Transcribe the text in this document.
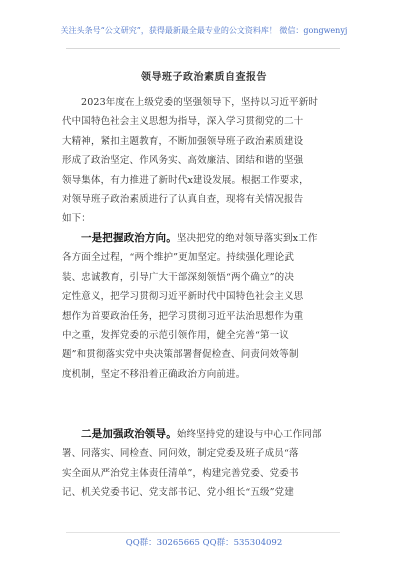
关注头条号“公文研究”，获得最新最全最专业的公文资料库！ 微信：gongwenyj
领导班子政治素质自查报告
2023年度在上级党委的坚强领导下，坚持以习近平新时
代中国特色社会主义思想为指导，深入学习贯彻党的二十
大精神，紧扣主题教育，不断加强领导班子政治素质建设
形成了政治坚定、作风务实、高效廉洁、团结和谐的坚强
领导集体，有力推进了新时代x建设发展。根据工作要求，
对领导班子政治素质进行了认真自查，现将有关情况报告
如下：
一是把握政治方向。坚决把党的绝对领导落实到x工作
各方面全过程，“两个维护”更加坚定。持续强化理论武
装、忠诚教育，引导广大干部深刻领悟“两个确立”的决
定性意义，把学习贯彻习近平新时代中国特色社会主义思
想作为首要政治任务，把学习贯彻习近平法治思想作为重
中之重，发挥党委的示范引领作用，健全完善“第一议
题”和贯彻落实党中央决策部署督促检查、问责问效等制
度机制，坚定不移沿着正确政治方向前进。
二是加强政治领导。始终坚持党的建设与中心工作同部
署、同落实、同检查、同问效，制定党委及班子成员“落
实全面从严治党主体责任清单”，构建完善党委、党委书
记、机关党委书记、党支部书记、党小组长“五级”党建
QQ群：30265665 QQ群：535304092
